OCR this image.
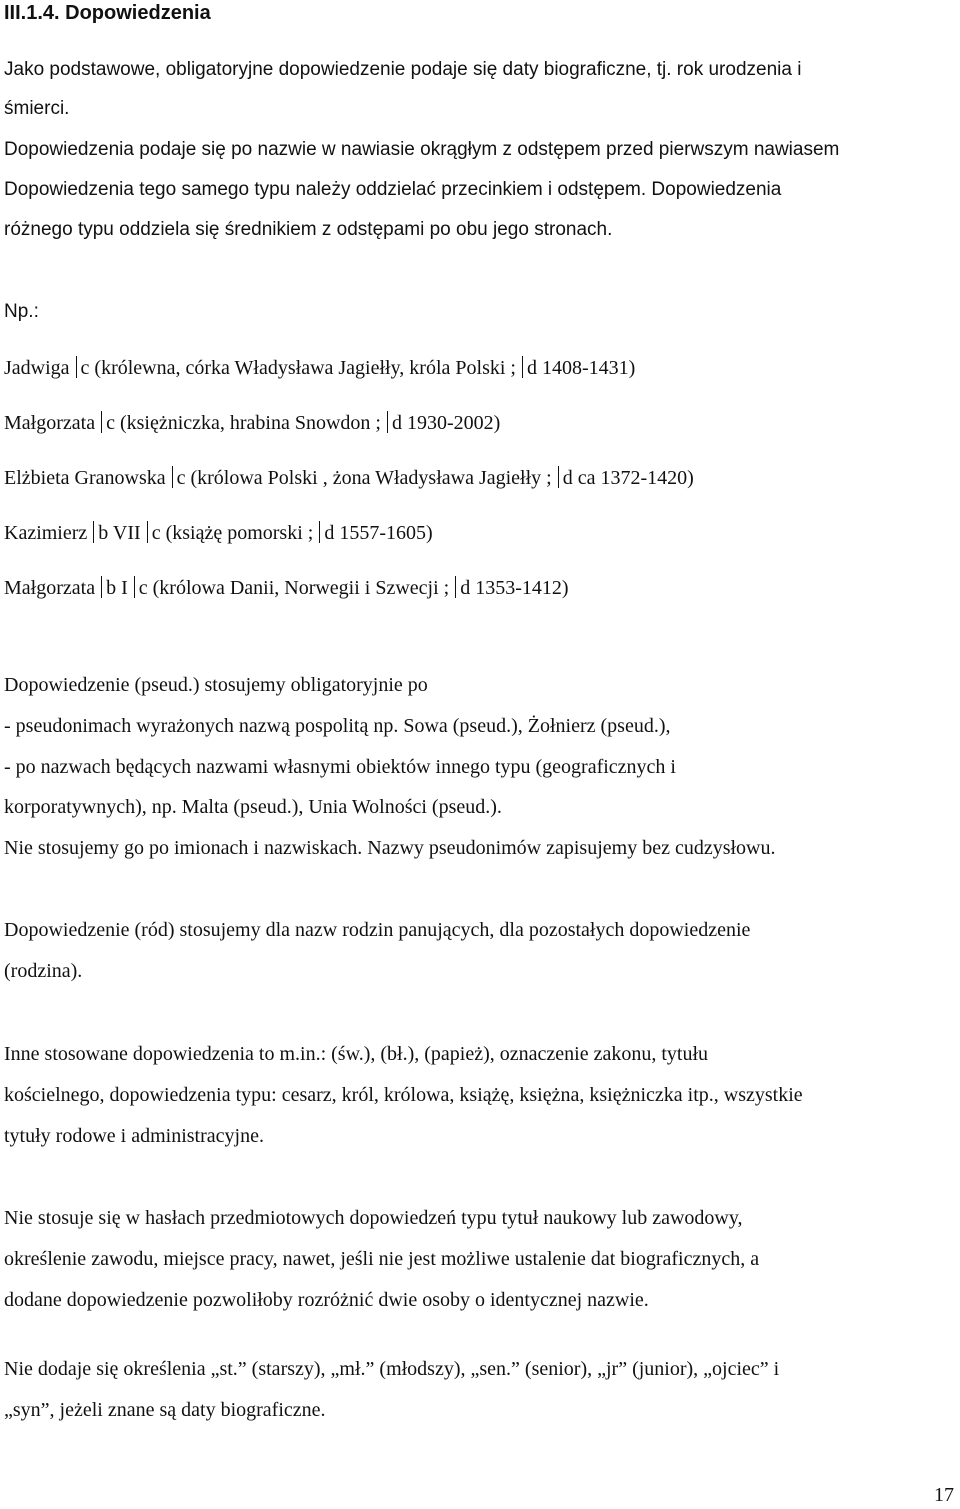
III.1.4. Dopowiedzenia

Jako podstawowe, obligatoryjne dopowiedzenie podaje się daty biograficzne, tj. rok urodzenia i

śmierci.

Dopowiedzenia podaje się po nazwie w nawiasie okrągłym z odstępem przed pierwszym nawiasem

Dopowiedzenia tego samego typu należy oddzielać przecinkiem i odstępem. Dopowiedzenia

różnego typu oddziela się średnikiem z odstępami po obu jego stronach.

Np.:

Jadwiga c (królewna, córka Władysława Jagiełły, króla Polski ; d 1408-1431)
Małgorzata c (księżniczka, hrabina Snowdon ; d 1930-2002)
Elżbieta Granowska c (królowa Polski , żona Władysława Jagiełły ; d ca 1372-1420)
Kazimierz b VII c (książę pomorski ; d 1557-1605)
Małgorzata b I c (królowa Danii, Norwegii i Szwecji ; d 1353-1412)

Dopowiedzenie (pseud.) stosujemy obligatoryjnie po

- pseudonimach wyrażonych nazwą pospolitą np. Sowa (pseud.), Żołnierz (pseud.),

- po nazwach będących nazwami własnymi obiektów innego typu (geograficznych i

korporatywnych), np. Malta (pseud.), Unia Wolności (pseud.).

Nie stosujemy go po imionach i nazwiskach. Nazwy pseudonimów zapisujemy bez cudzysłowu.

Dopowiedzenie (ród) stosujemy dla nazw rodzin panujących, dla pozostałych dopowiedzenie

(rodzina).

Inne stosowane dopowiedzenia to m.in.: (św.), (bł.), (papież), oznaczenie zakonu, tytułu

kościelnego, dopowiedzenia typu: cesarz, król, królowa, książę, księżna, księżniczka itp., wszystkie

tytuły rodowe i administracyjne.

Nie stosuje się w hasłach przedmiotowych dopowiedzeń typu tytuł naukowy lub zawodowy,

określenie zawodu, miejsce pracy, nawet, jeśli nie jest możliwe ustalenie dat biograficznych, a

dodane dopowiedzenie pozwoliłoby rozróżnić dwie osoby o identycznej nazwie.

Nie dodaje się określenia „st.” (starszy), „mł.” (młodszy), „sen.” (senior), „jr” (junior), „ojciec” i

„syn”, jeżeli znane są daty biograficzne.

17
